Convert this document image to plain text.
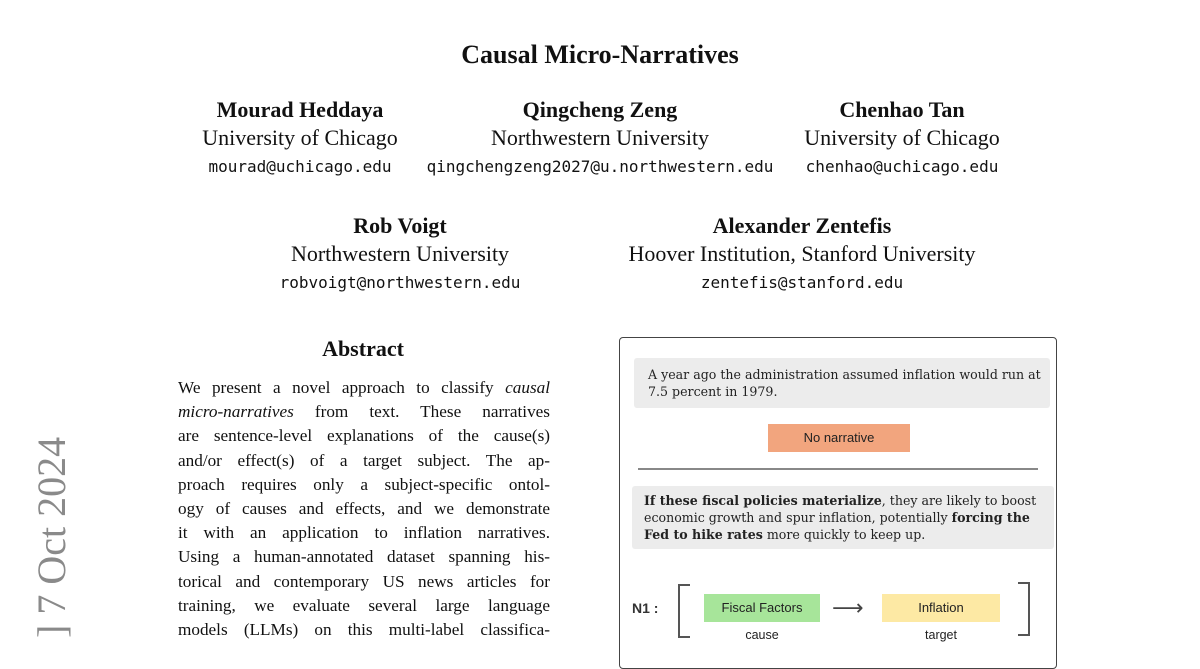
Causal Micro-Narratives
Mourad Heddaya
University of Chicago
mourad@uchicago.edu
Qingcheng Zeng
Northwestern University
qingchengzeng2027@u.northwestern.edu
Chenhao Tan
University of Chicago
chenhao@uchicago.edu
Rob Voigt
Northwestern University
robvoigt@northwestern.edu
Alexander Zentefis
Hoover Institution, Stanford University
zentefis@stanford.edu
] 7 Oct 2024
Abstract

We present a novel approach to classify causal

micro-narratives from text. These narratives

are sentence-level explanations of the cause(s)

and/or effect(s) of a target subject. The ap-

proach requires only a subject-specific ontol-

ogy of causes and effects, and we demonstrate

it with an application to inflation narratives.

Using a human-annotated dataset spanning his-

torical and contemporary US news articles for

training, we evaluate several large language

models (LLMs) on this multi-label classifica-

A year ago the administration assumed inflation would run at 7.5 percent in 1979.
No narrative
If these fiscal policies materialize, they are likely to boost economic growth and spur inflation, potentially forcing the Fed to hike rates more quickly to keep up.
N1 :	Fiscal Factors
cause
⟶	Inflation
target
